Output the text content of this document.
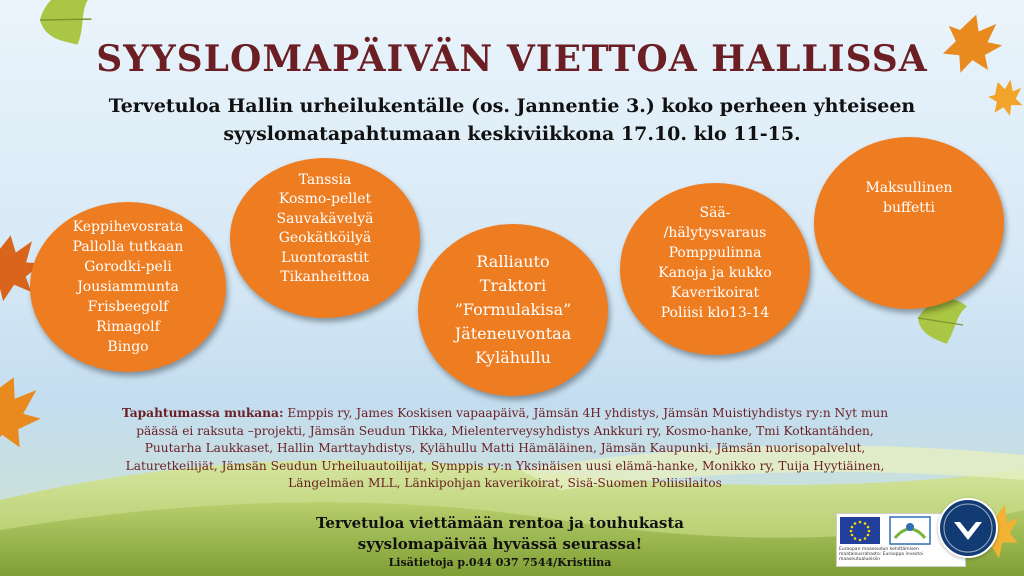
SYYSLOMAPÄIVÄN VIETTOA HALLISSA
Tervetuloa Hallin urheilukentälle (os. Jannentie 3.) koko perheen yhteiseen
syyslomatapahtumaan keskiviikkona 17.10. klo 11-15.
Keppihevosrata
Pallolla tutkaan
Gorodki-peli
Jousiammunta
Frisbeegolf
Rimagolf
Bingo
Tanssia
Kosmo-pellet
Sauvakävelyä
Geokätköilyä
Luontorastit
Tikanheittoa
Ralliauto
Traktori
”Formulakisa”
Jäteneuvontaa
Kylähullu
Sää-
/hälytysvaraus
Pomppulinna
Kanoja ja kukko
Kaverikoirat
Poliisi klo13-14
Maksullinen
buffetti
Tapahtumassa mukana: Emppis ry, James Koskisen vapaapäivä, Jämsän 4H yhdistys, Jämsän Muistiyhdistys ry:n Nyt mun päässä ei raksuta –projekti, Jämsän Seudun Tikka, Mielenterveysyhdistys Ankkuri ry, Kosmo-hanke, Tmi Kotkantähden, Puutarha Laukkaset, Hallin Marttayhdistys, Kylähullu Matti Hämäläinen, Jämsän Kaupunki, Jämsän nuorisopalvelut, Laturetkeilijät, Jämsän Seudun Urheiluautoilijat, Symppis ry:n Yksinäisen uusi elämä-hanke, Monikko ry, Tuija Hyytiäinen, Längelmäen MLL, Länkipohjan kaverikoirat, Sisä-Suomen Poliisilaitos
Tervetuloa viettämään rentoa ja touhukasta
syyslomapäivää hyvässä seurassa!
Lisätietoja p.044 037 7544/Kristiina
Euroopan maaseudun kehittämisen maatalousrahasto: Eurooppa investoi maaseutualueisiin
